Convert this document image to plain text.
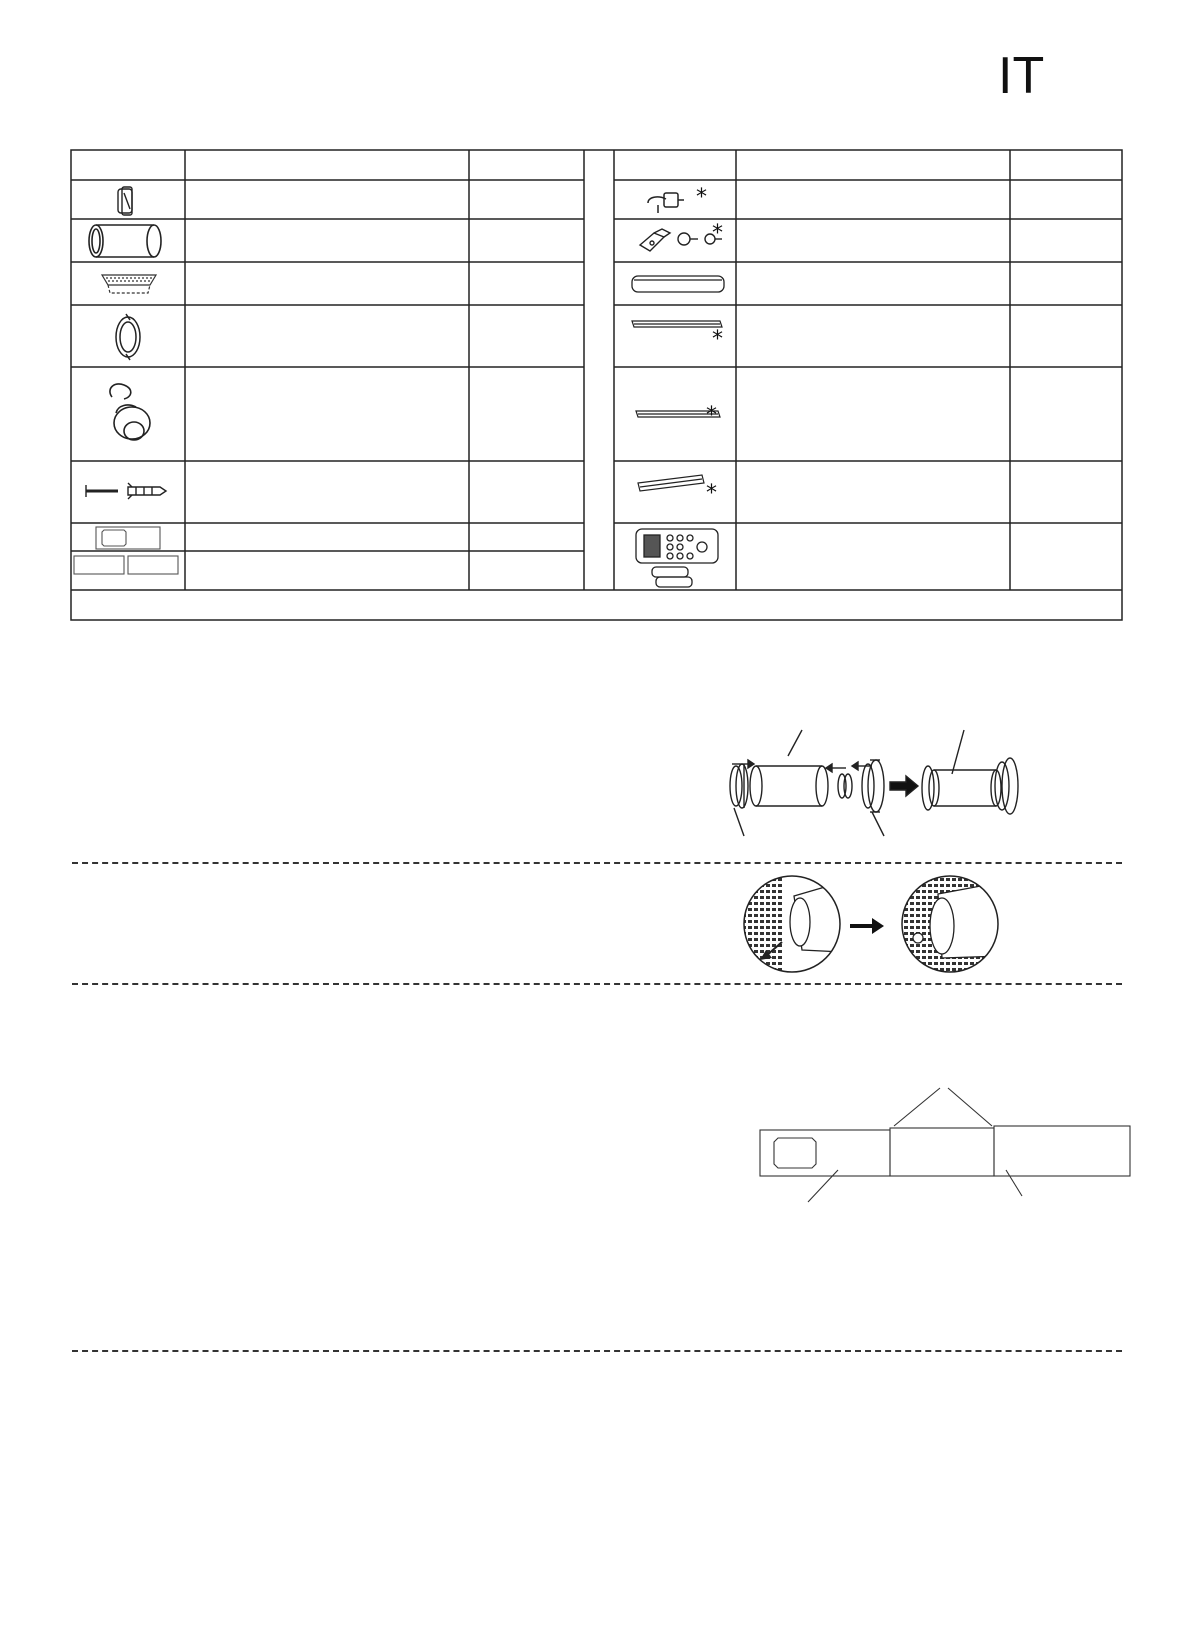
IT
*
*
*
*
*
